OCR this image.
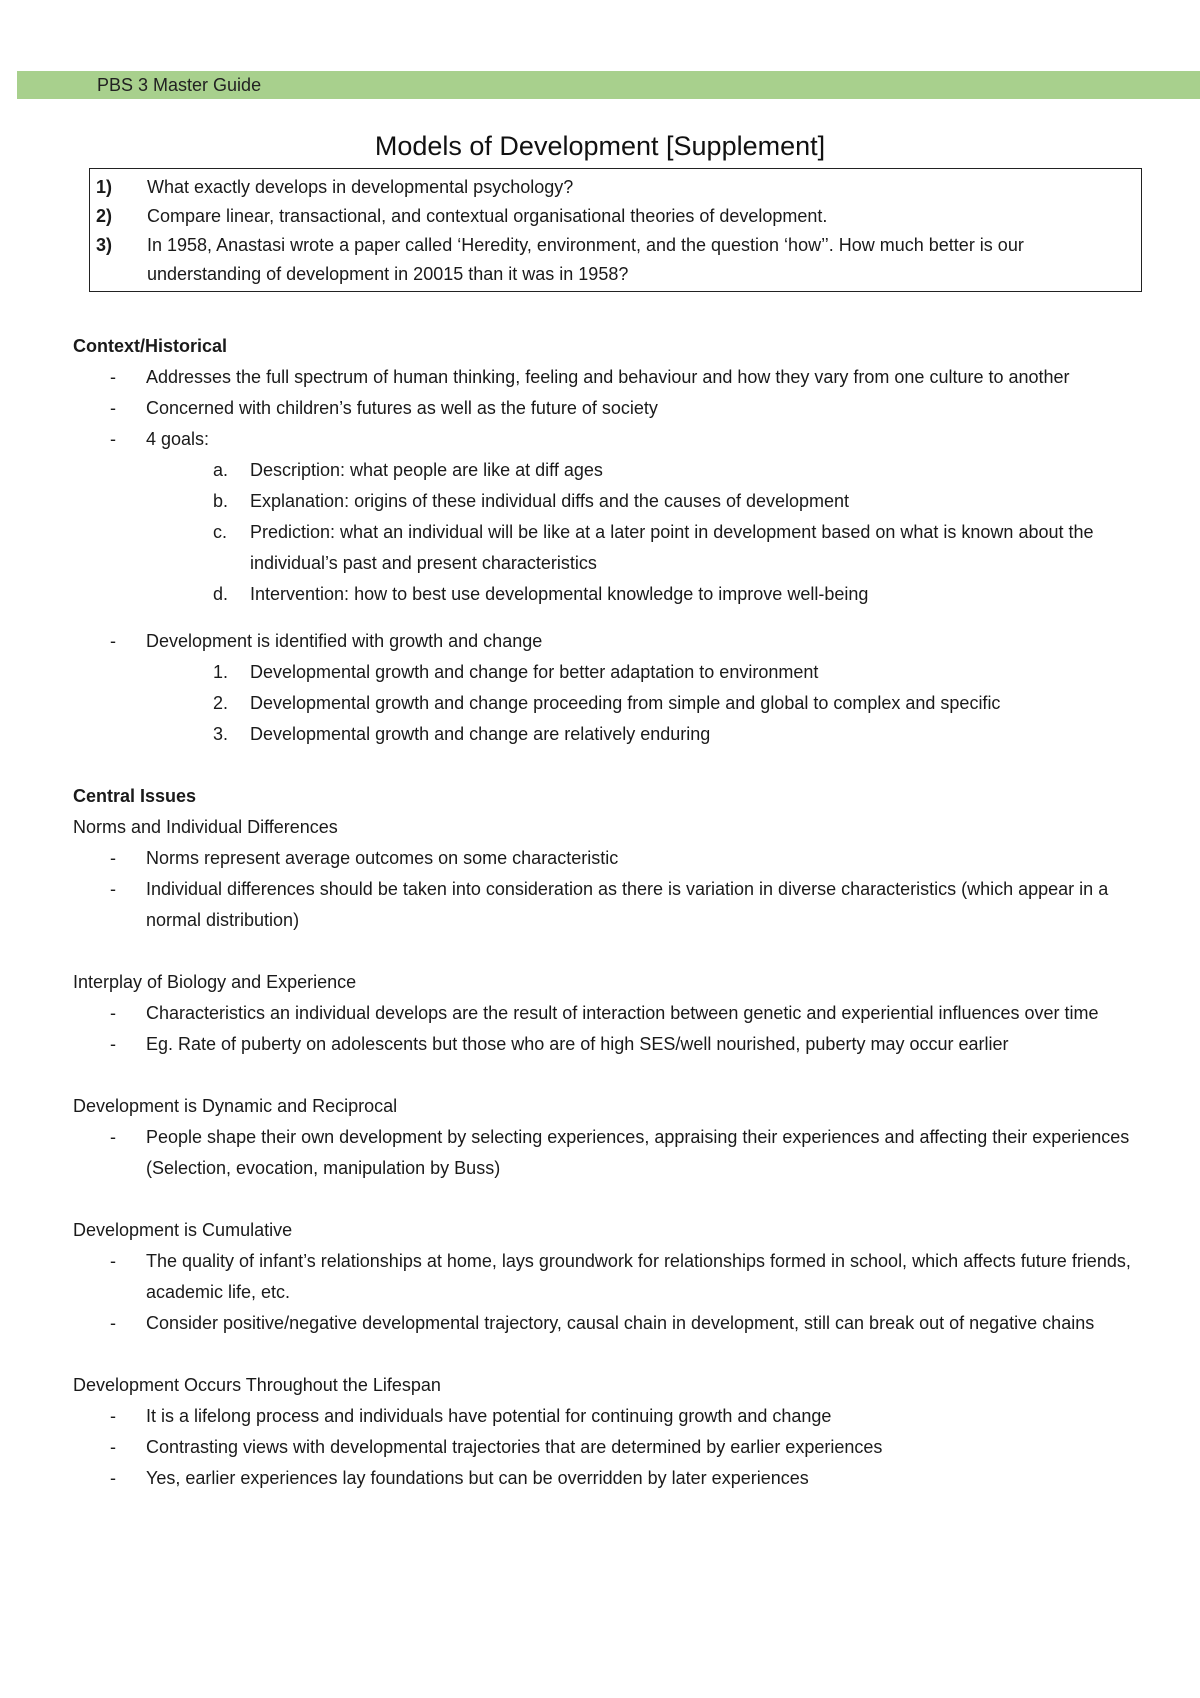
PBS 3 Master Guide
Models of Development [Supplement]
1)	What exactly develops in developmental psychology?
2)	Compare linear, transactional, and contextual organisational theories of development.
3)	In 1958, Anastasi wrote a paper called ‘Heredity, environment, and the question ‘how’’. How much better is our understanding of development in 20015 than it was in 1958?
Context/Historical
-	Addresses the full spectrum of human thinking, feeling and behaviour and how they vary from one culture to another
-	Concerned with children’s futures as well as the future of society
-	4 goals:
a.	Description: what people are like at diff ages
b.	Explanation: origins of these individual diffs and the causes of development
c.	Prediction: what an individual will be like at a later point in development based on what is known about the individual’s past and present characteristics
d.	Intervention: how to best use developmental knowledge to improve well-being
-	Development is identified with growth and change
1.	Developmental growth and change for better adaptation to environment
2.	Developmental growth and change proceeding from simple and global to complex and specific
3.	Developmental growth and change are relatively enduring
Central Issues
Norms and Individual Differences
-	Norms represent average outcomes on some characteristic
-	Individual differences should be taken into consideration as there is variation in diverse characteristics (which appear in a normal distribution)
Interplay of Biology and Experience
-	Characteristics an individual develops are the result of interaction between genetic and experiential influences over time
-	Eg. Rate of puberty on adolescents but those who are of high SES/well nourished, puberty may occur earlier
Development is Dynamic and Reciprocal
-	People shape their own development by selecting experiences, appraising their experiences and affecting their experiences (Selection, evocation, manipulation by Buss)
Development is Cumulative
-	The quality of infant’s relationships at home, lays groundwork for relationships formed in school, which affects future friends, academic life, etc.
-	Consider positive/negative developmental trajectory, causal chain in development, still can break out of negative chains
Development Occurs Throughout the Lifespan
-	It is a lifelong process and individuals have potential for continuing growth and change
-	Contrasting views with developmental trajectories that are determined by earlier experiences
-	Yes, earlier experiences lay foundations but can be overridden by later experiences
